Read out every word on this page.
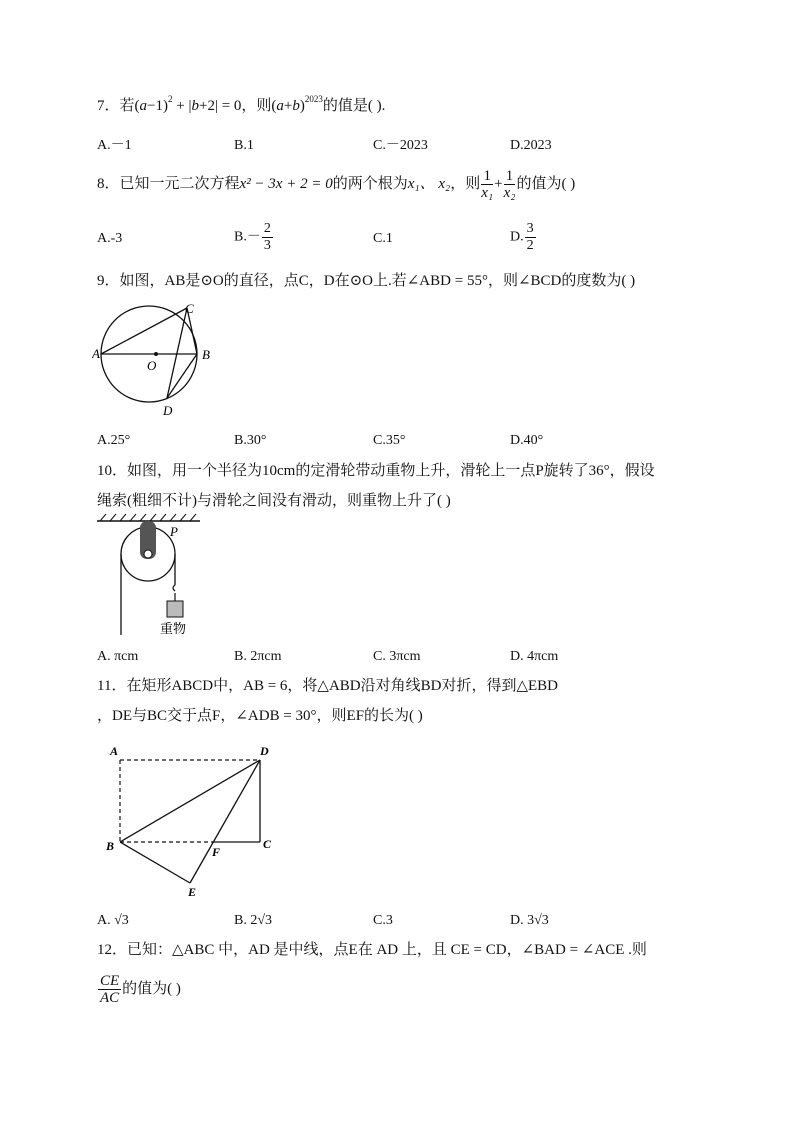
7．若$(a-1)^2 + |b+2| = 0$，则$(a+b)^{2023}$的值是( ).
A.－1	B.1	C.－2023	D.2023
8．已知一元二次方程x² − 3x + 2 = 0的两个根为x₁、 x₂，则 $\frac{1}{\text{x₁}} + \frac{1}{\text{x₂}}$ 的值为( )
A.-3	$B.- \frac{2}{3}$	C.1	D. $\frac{3}{2}$
9．如图，AB是⊙O的直径，点C，D在⊙O上.若∠ABD = 55°，则∠BCD的度数为( )
A	B
C
D
O
A.25°	B.30°	C.35°	D.40°
10．如图，用一个半径为10cm的定滑轮带动重物上升，滑轮上一点P旋转了36°，假设
绳索(粗细不计)与滑轮之间没有滑动，则重物上升了( )
P
重物
A. πcm	B. 2πcm	C. 3πcm	D. 4πcm
11．在矩形ABCD中，AB = 6，将△ABD沿对角线BD对折，得到△EBD
，DE与BC交于点F，∠ADB = 30°，则EF的长为( )
A	D
B	C
F
E
A. √3	B. 2√3	C.3	D. 3√3
12．已知：△ABC 中，AD 是中线，点E在 AD 上，且 CE = CD，∠BAD = ∠ACE .则
$\frac{CE}{AC}$ 的值为( )
